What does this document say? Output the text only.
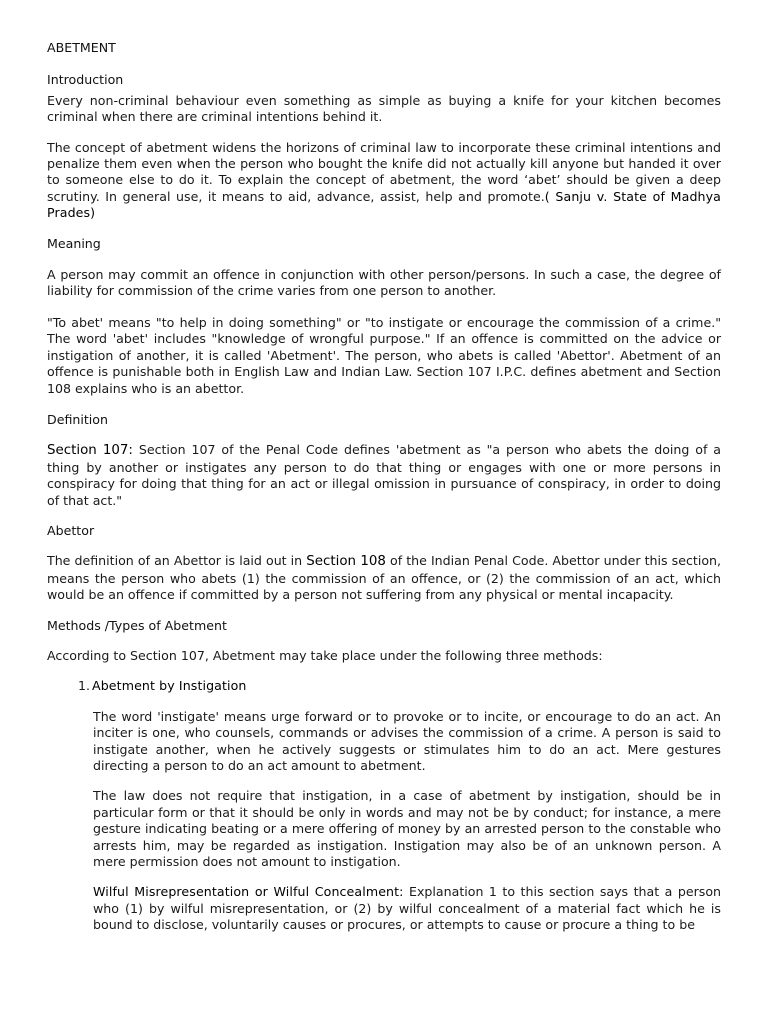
ABETMENT

Introduction

Every non-criminal behaviour even something as simple as buying a knife for your kitchen becomes criminal when there are criminal intentions behind it.

The concept of abetment widens the horizons of criminal law to incorporate these criminal intentions and penalize them even when the person who bought the knife did not actually kill anyone but handed it over to someone else to do it. To explain the concept of abetment, the word ‘abet’ should be given a deep scrutiny. In general use, it means to aid, advance, assist, help and promote.( Sanju v. State of Madhya Prades)

Meaning

A person may commit an offence in conjunction with other person/persons. In such a case, the degree of liability for commission of the crime varies from one person to another.

"To abet' means "to help in doing something" or "to instigate or encourage the commission of a crime." The word 'abet' includes "knowledge of wrongful purpose." If an offence is committed on the advice or instigation of another, it is called 'Abetment'. The person, who abets is called 'Abettor'. Abetment of an offence is punishable both in English Law and Indian Law. Section 107 I.P.C. defines abetment and Section 108 explains who is an abettor.

Definition

Section 107: Section 107 of the Penal Code defines 'abetment as "a person who abets the doing of a thing by another or instigates any person to do that thing or engages with one or more persons in conspiracy for doing that thing for an act or illegal omission in pursuance of conspiracy, in order to doing of that act."

Abettor

The definition of an Abettor is laid out in Section 108 of the Indian Penal Code. Abettor under this section, means the person who abets (1) the commission of an offence, or (2) the commission of an act, which would be an offence if committed by a person not suffering from any physical or mental incapacity.

Methods /Types of Abetment

According to Section 107, Abetment may take place under the following three methods:

1. Abetment by Instigation

The word 'instigate' means urge forward or to provoke or to incite, or encourage to do an act. An inciter is one, who counsels, commands or advises the commission of a crime. A person is said to instigate another, when he actively suggests or stimulates him to do an act. Mere gestures directing a person to do an act amount to abetment.

The law does not require that instigation, in a case of abetment by instigation, should be in particular form or that it should be only in words and may not be by conduct; for instance, a mere gesture indicating beating or a mere offering of money by an arrested person to the constable who arrests him, may be regarded as instigation. Instigation may also be of an unknown person. A mere permission does not amount to instigation.

Wilful Misrepresentation or Wilful Concealment: Explanation 1 to this section says that a person who (1) by wilful misrepresentation, or (2) by wilful concealment of a material fact which he is bound to disclose, voluntarily causes or procures, or attempts to cause or procure a thing to be
